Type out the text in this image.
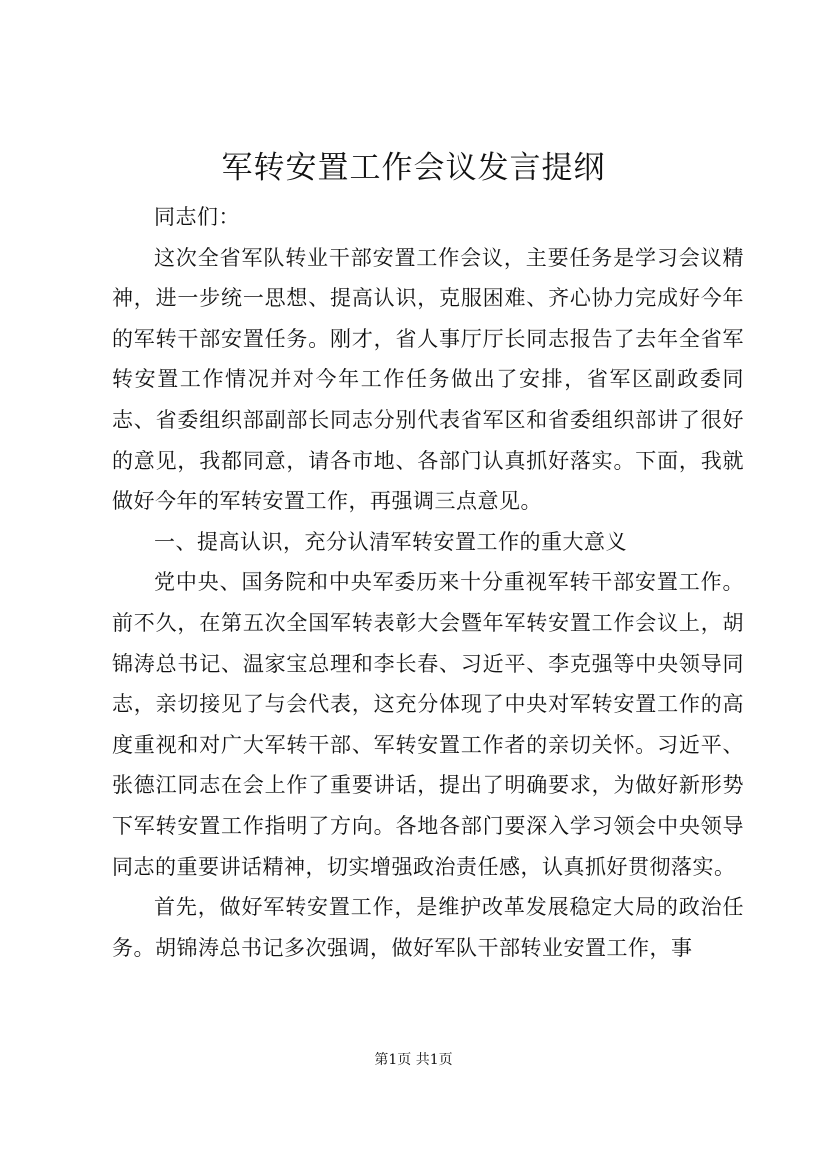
军转安置工作会议发言提纲

同志们：

这次全省军队转业干部安置工作会议，主要任务是学习会议精神，进一步统一思想、提高认识，克服困难、齐心协力完成好今年的军转干部安置任务。刚才，省人事厅厅长同志报告了去年全省军转安置工作情况并对今年工作任务做出了安排，省军区副政委同志、省委组织部副部长同志分别代表省军区和省委组织部讲了很好的意见，我都同意，请各市地、各部门认真抓好落实。下面，我就做好今年的军转安置工作，再强调三点意见。

一、提高认识，充分认清军转安置工作的重大意义

党中央、国务院和中央军委历来十分重视军转干部安置工作。前不久，在第五次全国军转表彰大会暨年军转安置工作会议上，胡锦涛总书记、温家宝总理和李长春、习近平、李克强等中央领导同志，亲切接见了与会代表，这充分体现了中央对军转安置工作的高度重视和对广大军转干部、军转安置工作者的亲切关怀。习近平、张德江同志在会上作了重要讲话，提出了明确要求，为做好新形势下军转安置工作指明了方向。各地各部门要深入学习领会中央领导同志的重要讲话精神，切实增强政治责任感，认真抓好贯彻落实。

首先，做好军转安置工作，是维护改革发展稳定大局的政治任务。胡锦涛总书记多次强调，做好军队干部转业安置工作，事

第1页 共1页
